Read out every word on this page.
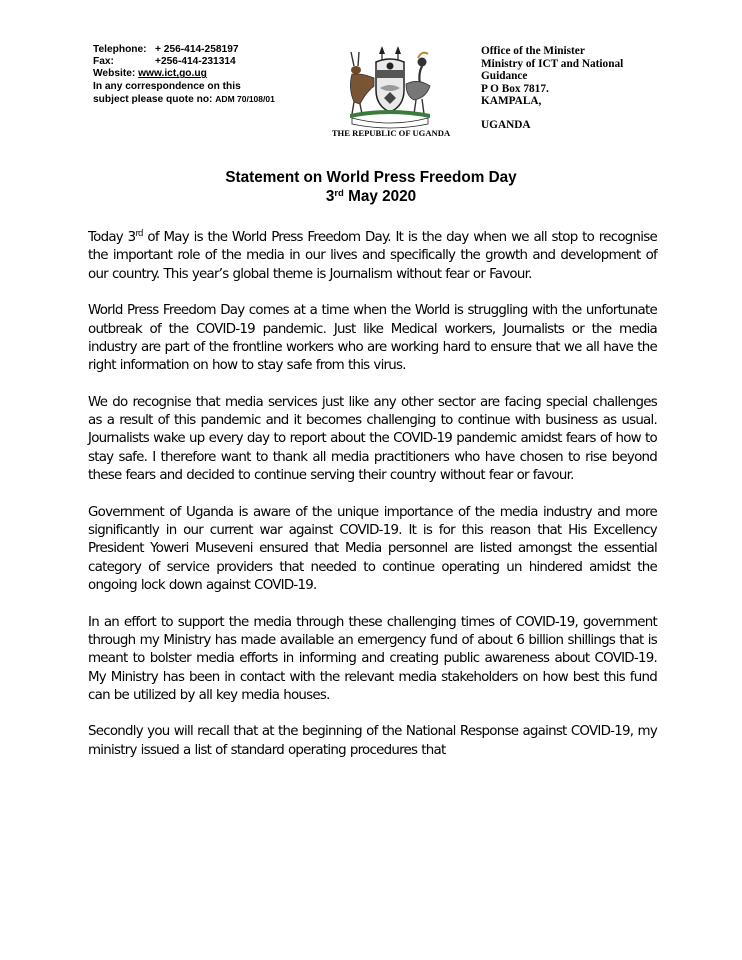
Telephone: + 256-414-258197
Fax:	+256-414-231314
Website: www.ict,go.ug
In any correspondence on this
subject please quote no: ADM 70/108/01
THE REPUBLIC OF UGANDA
Office of the Minister
Ministry of ICT and National
Guidance
P O Box 7817.
KAMPALA,
UGANDA
Statement on World Press Freedom Day
3rd May 2020

Today 3rd of May is the World Press Freedom Day. It is the day when we all stop to recognise the important role of the media in our lives and specifically the growth and development of our country. This year’s global theme is Journalism without fear or Favour.

World Press Freedom Day comes at a time when the World is struggling with the unfortunate outbreak of the COVID-19 pandemic. Just like Medical workers, Journalists or the media industry are part of the frontline workers who are working hard to ensure that we all have the right information on how to stay safe from this virus.

We do recognise that media services just like any other sector are facing special challenges as a result of this pandemic and it becomes challenging to continue with business as usual. Journalists wake up every day to report about the COVID-19 pandemic amidst fears of how to stay safe. I therefore want to thank all media practitioners who have chosen to rise beyond these fears and decided to continue serving their country without fear or favour.

Government of Uganda is aware of the unique importance of the media industry and more significantly in our current war against COVID-19. It is for this reason that His Excellency President Yoweri Museveni ensured that Media personnel are listed amongst the essential category of service providers that needed to continue operating un hindered amidst the ongoing lock down against COVID-19.

In an effort to support the media through these challenging times of COVID-19, government through my Ministry has made available an emergency fund of about 6 billion shillings that is meant to bolster media efforts in informing and creating public awareness about COVID-19. My Ministry has been in contact with the relevant media stakeholders on how best this fund can be utilized by all key media houses.

Secondly you will recall that at the beginning of the National Response against COVID-19, my ministry issued a list of standard operating procedures that
